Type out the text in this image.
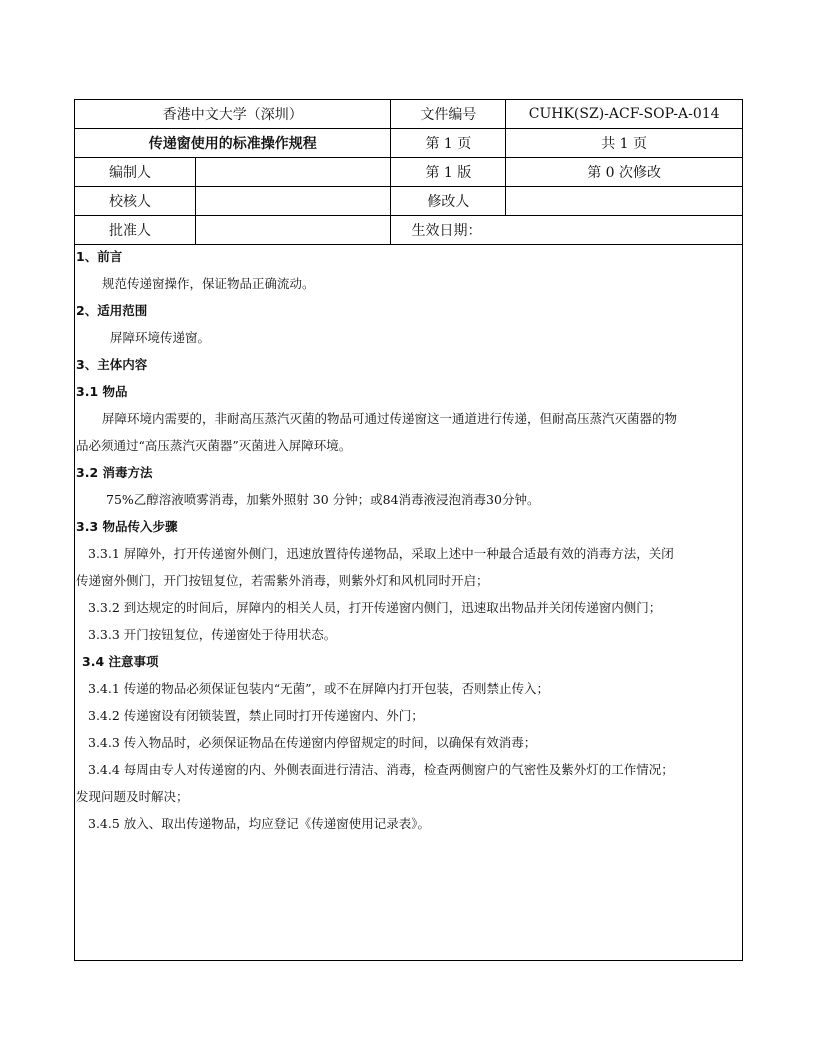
香港中文大学（深圳）		文件编号	CUHK(SZ)-ACF-SOP-A-014
传递窗使用的标准操作规程		第 1 页	共 1 页
编制人		第 1 版	第 0 次修改
校核人		修改人	
批准人		生效日期：	
1、前言
规范传递窗操作，保证物品正确流动。
2、适用范围
屏障环境传递窗。
3、主体内容
3.1 物品
屏障环境内需要的，非耐高压蒸汽灭菌的物品可通过传递窗这一通道进行传递，但耐高压蒸汽灭菌器的物
品必须通过“高压蒸汽灭菌器”灭菌进入屏障环境。
3.2 消毒方法
75%乙醇溶液喷雾消毒，加紫外照射 30 分钟；或84消毒液浸泡消毒30分钟。
3.3 物品传入步骤
3.3.1 屏障外，打开传递窗外侧门，迅速放置待传递物品，采取上述中一种最合适最有效的消毒方法，关闭
传递窗外侧门，开门按钮复位，若需紫外消毒，则紫外灯和风机同时开启；
3.3.2 到达规定的时间后，屏障内的相关人员，打开传递窗内侧门，迅速取出物品并关闭传递窗内侧门；
3.3.3 开门按钮复位，传递窗处于待用状态。
3.4 注意事项
3.4.1 传递的物品必须保证包装内“无菌”，或不在屏障内打开包装，否则禁止传入；
3.4.2 传递窗设有闭锁装置，禁止同时打开传递窗内、外门；
3.4.3 传入物品时，必须保证物品在传递窗内停留规定的时间，以确保有效消毒；
3.4.4 每周由专人对传递窗的内、外侧表面进行清洁、消毒，检查两侧窗户的气密性及紫外灯的工作情况；
发现问题及时解决；
3.4.5 放入、取出传递物品，均应登记《传递窗使用记录表》。
